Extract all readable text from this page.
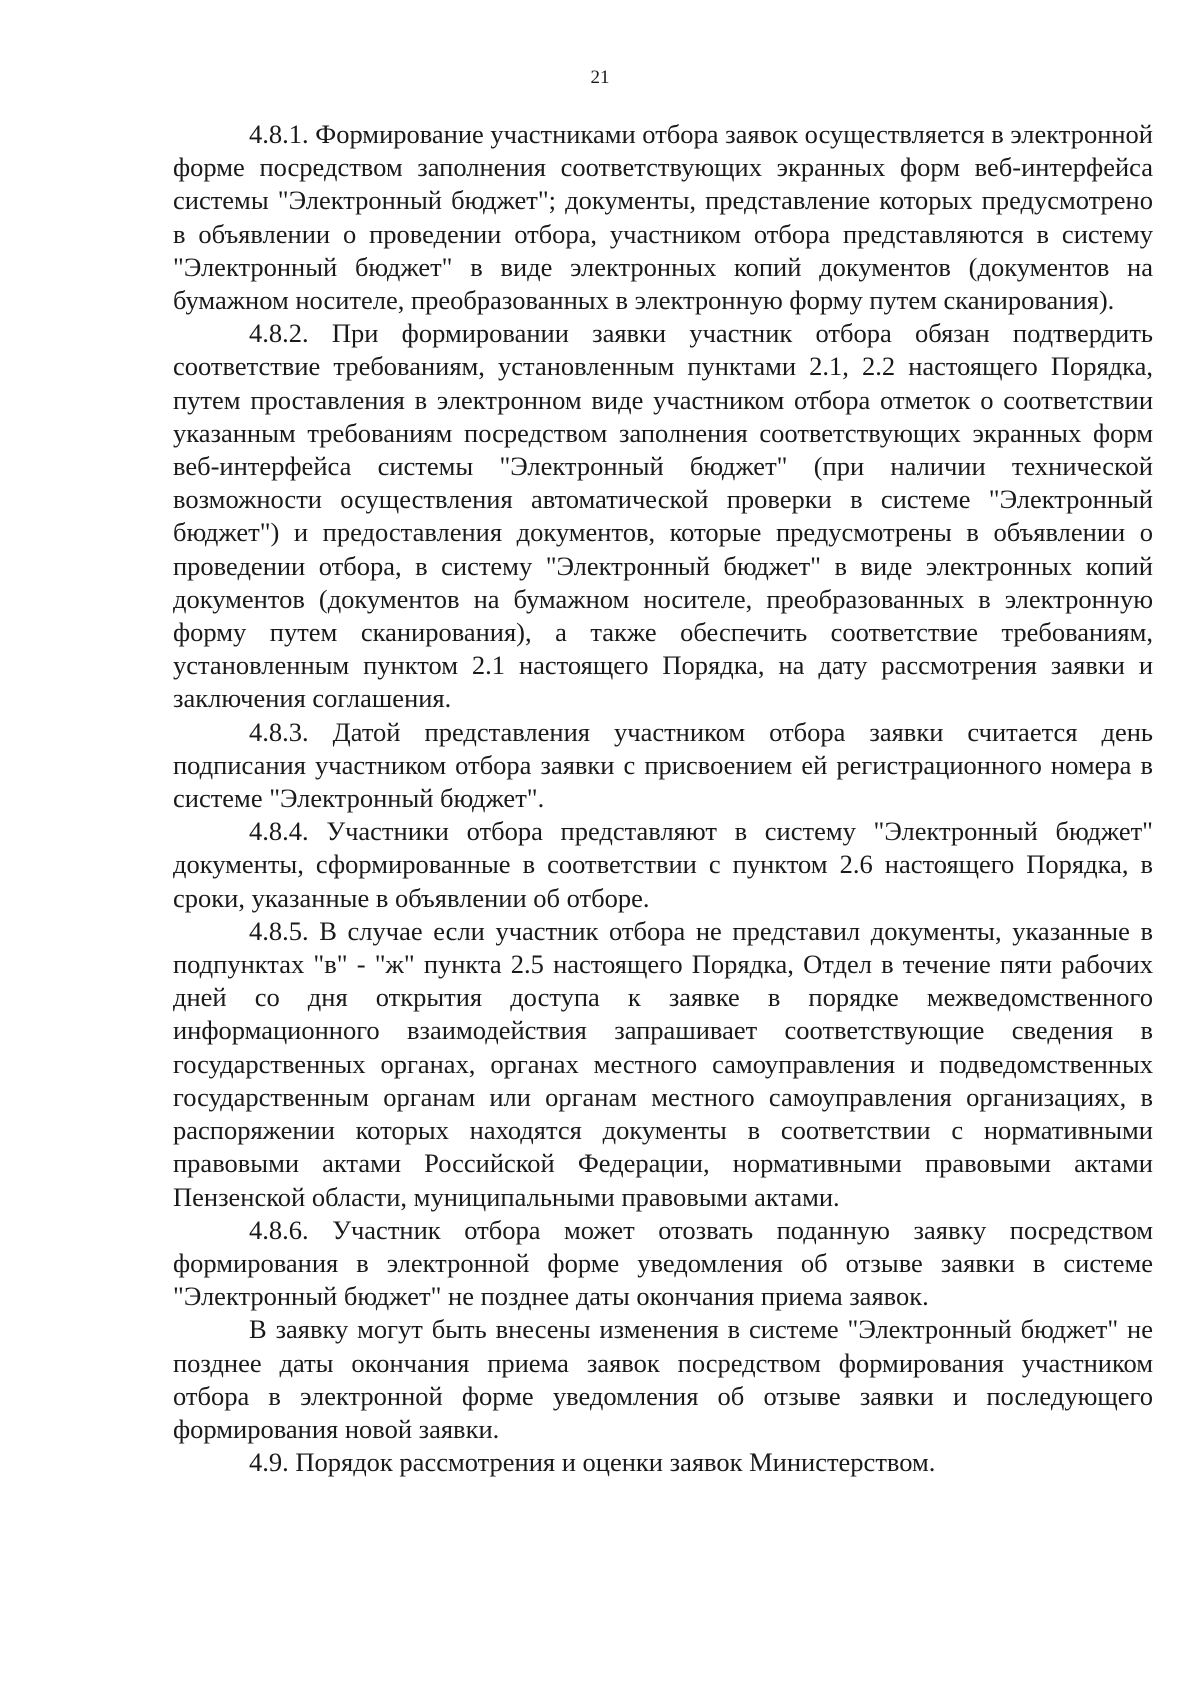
21

4.8.1. Формирование участниками отбора заявок осуществляется в электронной форме посредством заполнения соответствующих экранных форм веб-интерфейса системы "Электронный бюджет"; документы, представление которых предусмотрено в объявлении о проведении отбора, участником отбора представляются в систему "Электронный бюджет" в виде электронных копий документов (документов на бумажном носителе, преобразованных в электронную форму путем сканирования).

4.8.2. При формировании заявки участник отбора обязан подтвердить соответствие требованиям, установленным пунктами 2.1, 2.2 настоящего Порядка, путем проставления в электронном виде участником отбора отметок о соответствии указанным требованиям посредством заполнения соответствующих экранных форм веб-интерфейса системы "Электронный бюджет" (при наличии технической возможности осуществления автоматической проверки в системе "Электронный бюджет") и предоставления документов, которые предусмотрены в объявлении о проведении отбора, в систему "Электронный бюджет" в виде электронных копий документов (документов на бумажном носителе, преобразованных в электронную форму путем сканирования), а также обеспечить соответствие требованиям, установленным пунктом 2.1 настоящего Порядка, на дату рассмотрения заявки и заключения соглашения.

4.8.3. Датой представления участником отбора заявки считается день подписания участником отбора заявки с присвоением ей регистрационного номера в системе "Электронный бюджет".

4.8.4. Участники отбора представляют в систему "Электронный бюджет" документы, сформированные в соответствии с пунктом 2.6 настоящего Порядка, в сроки, указанные в объявлении об отборе.

4.8.5. В случае если участник отбора не представил документы, указанные в подпунктах "в" - "ж" пункта 2.5 настоящего Порядка, Отдел в течение пяти рабочих дней со дня открытия доступа к заявке в порядке межведомственного информационного взаимодействия запрашивает соответствующие сведения в государственных органах, органах местного самоуправления и подведомственных государственным органам или органам местного самоуправления организациях, в распоряжении которых находятся документы в соответствии с нормативными правовыми актами Российской Федерации, нормативными правовыми актами Пензенской области, муниципальными правовыми актами.

4.8.6. Участник отбора может отозвать поданную заявку посредством формирования в электронной форме уведомления об отзыве заявки в системе "Электронный бюджет" не позднее даты окончания приема заявок.

В заявку могут быть внесены изменения в системе "Электронный бюджет" не позднее даты окончания приема заявок посредством формирования участником отбора в электронной форме уведомления об отзыве заявки и последующего формирования новой заявки.

4.9. Порядок рассмотрения и оценки заявок Министерством.
